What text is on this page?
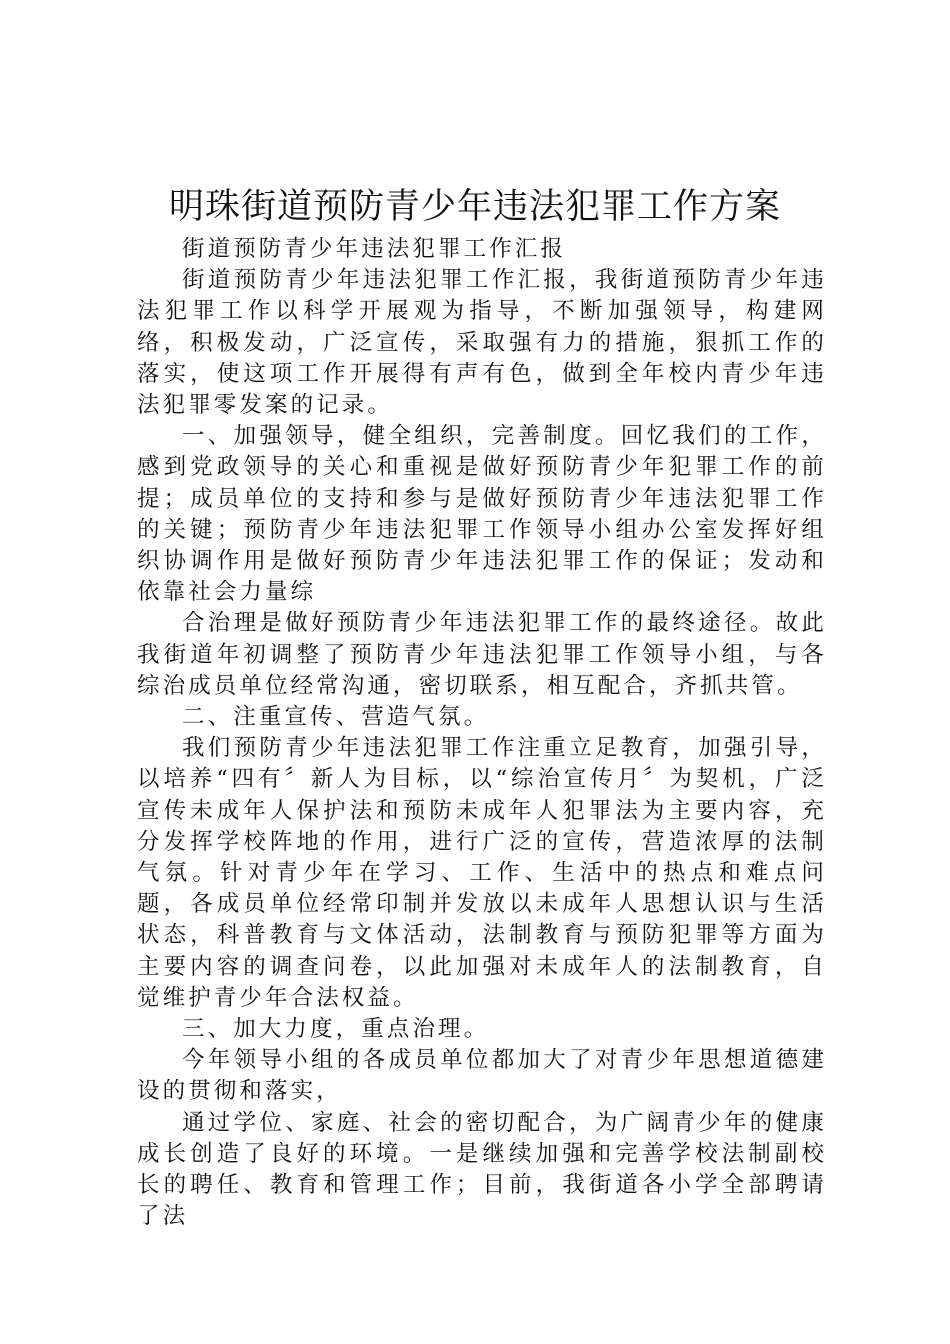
明珠街道预防青少年违法犯罪工作方案

街道预防青少年违法犯罪工作汇报

街道预防青少年违法犯罪工作汇报，我街道预防青少年违法犯罪工作以科学开展观为指导，不断加强领导，构建网络，积极发动，广泛宣传，采取强有力的措施，狠抓工作的落实，使这项工作开展得有声有色，做到全年校内青少年违法犯罪零发案的记录。

一、加强领导，健全组织，完善制度。回忆我们的工作，感到党政领导的关心和重视是做好预防青少年犯罪工作的前提；成员单位的支持和参与是做好预防青少年违法犯罪工作的关键；预防青少年违法犯罪工作领导小组办公室发挥好组织协调作用是做好预防青少年违法犯罪工作的保证；发动和依靠社会力量综

合治理是做好预防青少年违法犯罪工作的最终途径。故此我街道年初调整了预防青少年违法犯罪工作领导小组，与各综治成员单位经常沟通，密切联系，相互配合，齐抓共管。

二、注重宣传、营造气氛。

我们预防青少年违法犯罪工作注重立足教育，加强引导，以培养“四有〞新人为目标，以“综治宣传月〞为契机，广泛宣传未成年人保护法和预防未成年人犯罪法为主要内容，充分发挥学校阵地的作用，进行广泛的宣传，营造浓厚的法制气氛。针对青少年在学习、工作、生活中的热点和难点问题，各成员单位经常印制并发放以未成年人思想认识与生活状态，科普教育与文体活动，法制教育与预防犯罪等方面为主要内容的调查问卷，以此加强对未成年人的法制教育，自觉维护青少年合法权益。

三、加大力度，重点治理。

今年领导小组的各成员单位都加大了对青少年思想道德建设的贯彻和落实，

通过学位、家庭、社会的密切配合，为广阔青少年的健康成长创造了良好的环境。一是继续加强和完善学校法制副校长的聘任、教育和管理工作；目前，我街道各小学全部聘请了法
